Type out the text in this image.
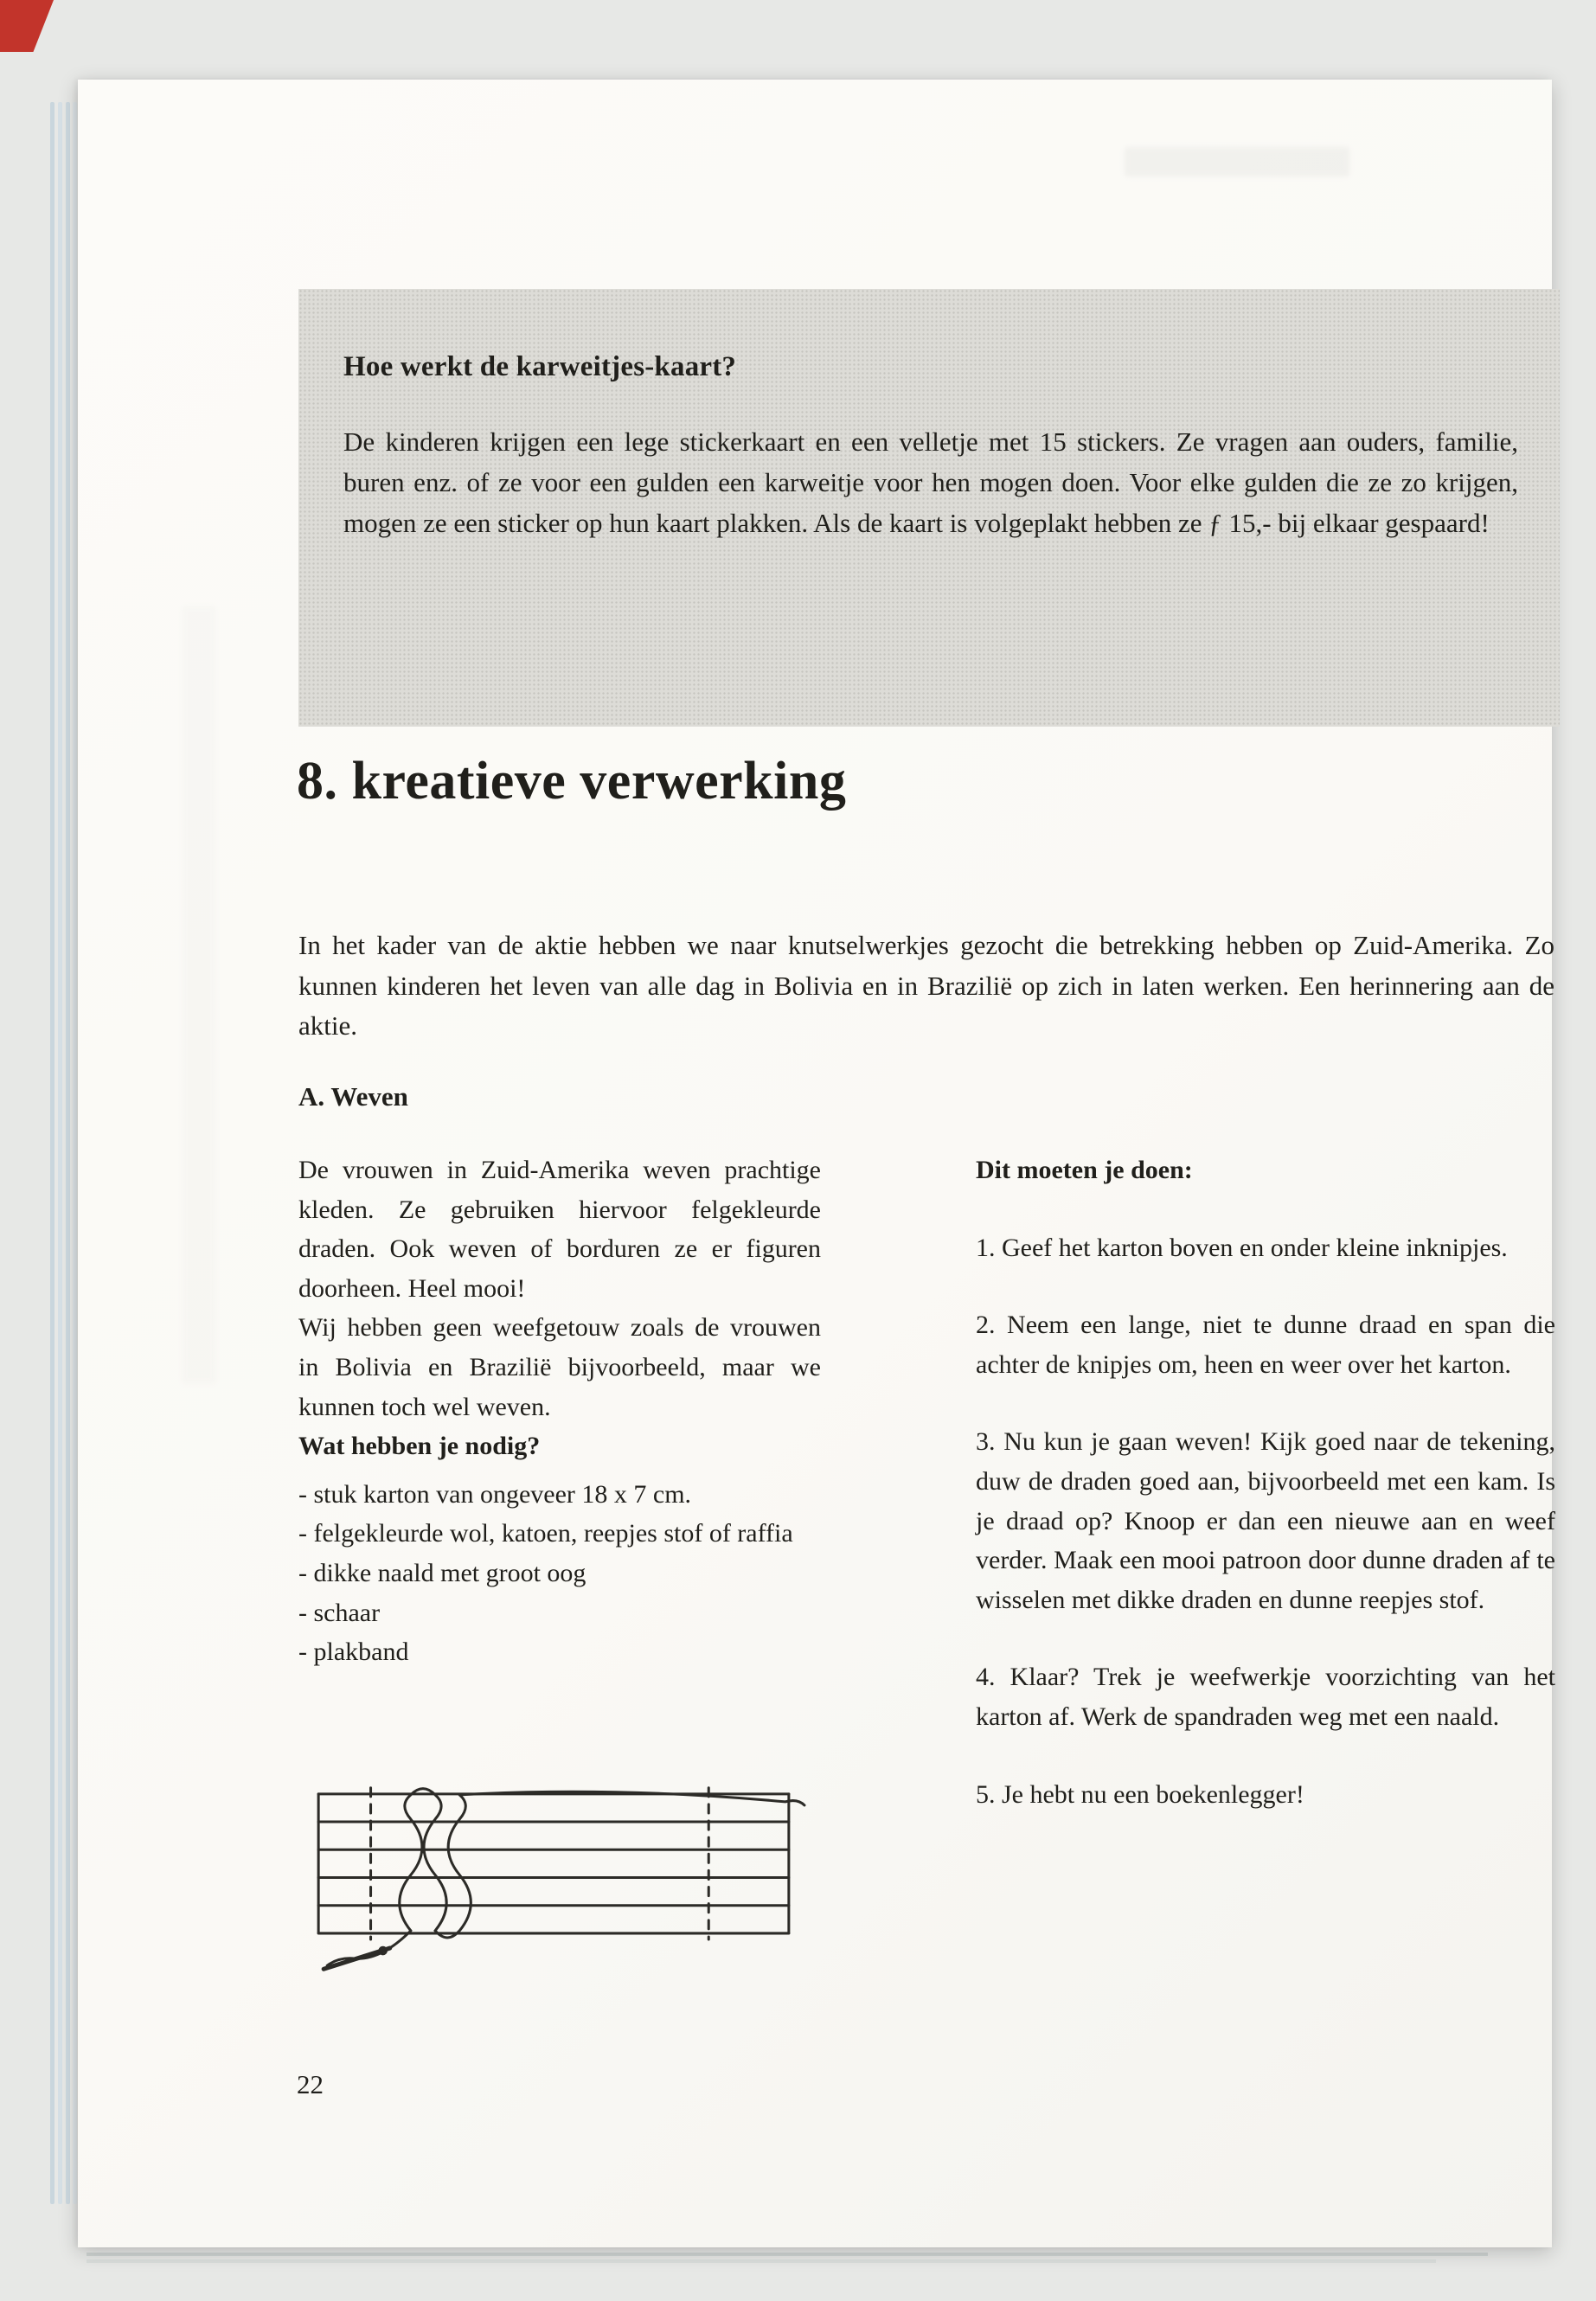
Hoe werkt de karweitjes-kaart?
De kinderen krijgen een lege stickerkaart en een velletje met 15 stickers. Ze vragen aan ouders, familie, buren enz. of ze voor een gulden een karweitje voor hen mogen doen. Voor elke gulden die ze zo krijgen, mogen ze een sticker op hun kaart plakken. Als de kaart is volgeplakt hebben ze ƒ 15,- bij elkaar gespaard!
8. kreatieve verwerking
In het kader van de aktie hebben we naar knutselwerkjes gezocht die betrekking hebben op Zuid-Amerika. Zo kunnen kinderen het leven van alle dag in Bolivia en in Brazilië op zich in laten werken. Een herinnering aan de aktie.
A. Weven

De vrouwen in Zuid-Amerika weven prachtige kleden. Ze gebruiken hiervoor felgekleurde draden. Ook weven of borduren ze er figuren doorheen. Heel mooi!

Wij hebben geen weefgetouw zoals de vrouwen in Bolivia en Brazilië bijvoorbeeld, maar we kunnen toch wel weven.

Wat hebben je nodig?

- stuk karton van ongeveer 18 x 7 cm.
- felgekleurde wol, katoen, reepjes stof of raffia
- dikke naald met groot oog
- schaar
- plakband

Dit moeten je doen:

1. Geef het karton boven en onder kleine inknipjes.

2. Neem een lange, niet te dunne draad en span die achter de knipjes om, heen en weer over het karton.

3. Nu kun je gaan weven! Kijk goed naar de tekening, duw de draden goed aan, bijvoorbeeld met een kam. Is je draad op? Knoop er dan een nieuwe aan en weef verder. Maak een mooi patroon door dunne draden af te wisselen met dikke draden en dunne reepjes stof.

4. Klaar? Trek je weefwerkje voorzichting van het karton af. Werk de spandraden weg met een naald.

5. Je hebt nu een boekenlegger!

22
